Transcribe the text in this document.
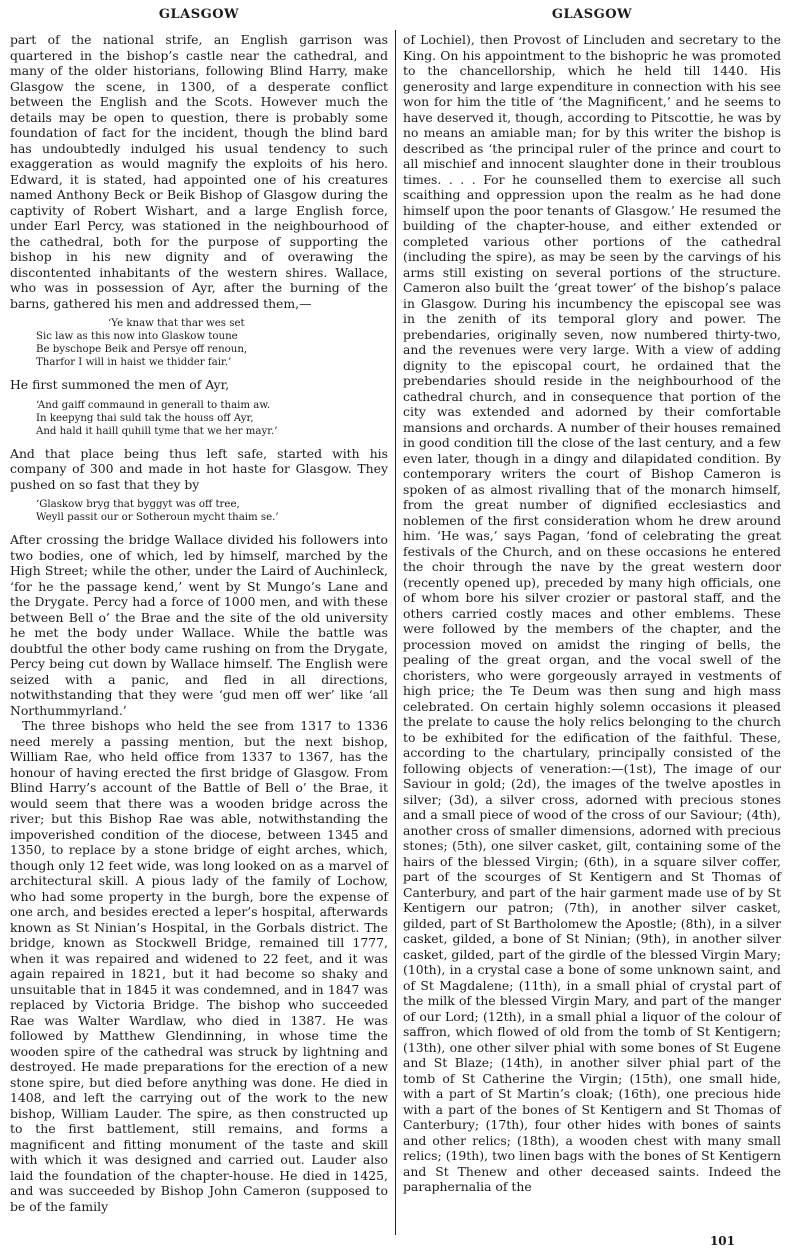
GLASGOW

part of the national strife, an English garrison was quartered in the bishop’s castle near the cathedral, and many of the older historians, following Blind Harry, make Glasgow the scene, in 1300, of a desperate conflict between the English and the Scots. However much the details may be open to question, there is probably some foundation of fact for the incident, though the blind bard has undoubtedly indulged his usual tendency to such exaggeration as would magnify the exploits of his hero. Edward, it is stated, had appointed one of his creatures named Anthony Beck or Beik Bishop of Glasgow during the captivity of Robert Wishart, and a large English force, under Earl Percy, was stationed in the neighbourhood of the cathedral, both for the purpose of supporting the bishop in his new dignity and of overawing the discontented inhabitants of the western shires. Wallace, who was in possession of Ayr, after the burning of the barns, gathered his men and addressed them,—

‘Ye knaw that thar wes set
Sic law as this now into Glaskow toune
Be byschope Beik and Persye off renoun,
Tharfor I will in haist we thidder fair.’

He first summoned the men of Ayr,

‘And gaiff commaund in generall to thaim aw.
In keepyng thai suld tak the houss off Ayr,
And hald it haill quhill tyme that we her mayr.’

And that place being thus left safe, started with his company of 300 and made in hot haste for Glasgow. They pushed on so fast that they by

‘Glaskow bryg that byggyt was off tree,
Weyll passit our or Sotheroun mycht thaim se.’

After crossing the bridge Wallace divided his followers into two bodies, one of which, led by himself, marched by the High Street; while the other, under the Laird of Auchinleck, ‘for he the passage kend,’ went by St Mungo’s Lane and the Drygate. Percy had a force of 1000 men, and with these between Bell o’ the Brae and the site of the old university he met the body under Wallace. While the battle was doubtful the other body came rushing on from the Drygate, Percy being cut down by Wallace himself. The English were seized with a panic, and fled in all directions, notwithstanding that they were ‘gud men off wer’ like ‘all Northummyrland.’

The three bishops who held the see from 1317 to 1336 need merely a passing mention, but the next bishop, William Rae, who held office from 1337 to 1367, has the honour of having erected the first bridge of Glasgow. From Blind Harry’s account of the Battle of Bell o’ the Brae, it would seem that there was a wooden bridge across the river; but this Bishop Rae was able, notwithstanding the impoverished condition of the diocese, between 1345 and 1350, to replace by a stone bridge of eight arches, which, though only 12 feet wide, was long looked on as a marvel of architectural skill. A pious lady of the family of Lochow, who had some property in the burgh, bore the expense of one arch, and besides erected a leper’s hospital, afterwards known as St Ninian’s Hospital, in the Gorbals district. The bridge, known as Stockwell Bridge, remained till 1777, when it was repaired and widened to 22 feet, and it was again repaired in 1821, but it had become so shaky and unsuitable that in 1845 it was condemned, and in 1847 was replaced by Victoria Bridge. The bishop who succeeded Rae was Walter Wardlaw, who died in 1387. He was followed by Matthew Glendinning, in whose time the wooden spire of the cathedral was struck by lightning and destroyed. He made preparations for the erection of a new stone spire, but died before anything was done. He died in 1408, and left the carrying out of the work to the new bishop, William Lauder. The spire, as then constructed up to the first battlement, still remains, and forms a magnificent and fitting monument of the taste and skill with which it was designed and carried out. Lauder also laid the foundation of the chapter-house. He died in 1425, and was succeeded by Bishop John Cameron (supposed to be of the family

GLASGOW

of Lochiel), then Provost of Lincluden and secretary to the King. On his appointment to the bishopric he was promoted to the chancellorship, which he held till 1440. His generosity and large expenditure in connection with his see won for him the title of ‘the Magnificent,’ and he seems to have deserved it, though, according to Pitscottie, he was by no means an amiable man; for by this writer the bishop is described as ‘the principal ruler of the prince and court to all mischief and innocent slaughter done in their troublous times. . . . For he counselled them to exercise all such scaithing and oppression upon the realm as he had done himself upon the poor tenants of Glasgow.’ He resumed the building of the chapter-house, and either extended or completed various other portions of the cathedral (including the spire), as may be seen by the carvings of his arms still existing on several portions of the structure. Cameron also built the ‘great tower’ of the bishop’s palace in Glasgow. During his incumbency the episcopal see was in the zenith of its temporal glory and power. The prebendaries, originally seven, now numbered thirty-two, and the revenues were very large. With a view of adding dignity to the episcopal court, he ordained that the prebendaries should reside in the neighbourhood of the cathedral church, and in consequence that portion of the city was extended and adorned by their comfortable mansions and orchards. A number of their houses remained in good condition till the close of the last century, and a few even later, though in a dingy and dilapidated condition. By contemporary writers the court of Bishop Cameron is spoken of as almost rivalling that of the monarch himself, from the great number of dignified ecclesiastics and noblemen of the first consideration whom he drew around him. ‘He was,’ says Pagan, ‘fond of celebrating the great festivals of the Church, and on these occasions he entered the choir through the nave by the great western door (recently opened up), preceded by many high officials, one of whom bore his silver crozier or pastoral staff, and the others carried costly maces and other emblems. These were followed by the members of the chapter, and the procession moved on amidst the ringing of bells, the pealing of the great organ, and the vocal swell of the choristers, who were gorgeously arrayed in vestments of high price; the Te Deum was then sung and high mass celebrated. On certain highly solemn occasions it pleased the prelate to cause the holy relics belonging to the church to be exhibited for the edification of the faithful. These, according to the chartulary, principally consisted of the following objects of veneration:—(1st), The image of our Saviour in gold; (2d), the images of the twelve apostles in silver; (3d), a silver cross, adorned with precious stones and a small piece of wood of the cross of our Saviour; (4th), another cross of smaller dimensions, adorned with precious stones; (5th), one silver casket, gilt, containing some of the hairs of the blessed Virgin; (6th), in a square silver coffer, part of the scourges of St Kentigern and St Thomas of Canterbury, and part of the hair garment made use of by St Kentigern our patron; (7th), in another silver casket, gilded, part of St Bartholomew the Apostle; (8th), in a silver casket, gilded, a bone of St Ninian; (9th), in another silver casket, gilded, part of the girdle of the blessed Virgin Mary; (10th), in a crystal case a bone of some unknown saint, and of St Magdalene; (11th), in a small phial of crystal part of the milk of the blessed Virgin Mary, and part of the manger of our Lord; (12th), in a small phial a liquor of the colour of saffron, which flowed of old from the tomb of St Kentigern; (13th), one other silver phial with some bones of St Eugene and St Blaze; (14th), in another silver phial part of the tomb of St Catherine the Virgin; (15th), one small hide, with a part of St Martin’s cloak; (16th), one precious hide with a part of the bones of St Kentigern and St Thomas of Canterbury; (17th), four other hides with bones of saints and other relics; (18th), a wooden chest with many small relics; (19th), two linen bags with the bones of St Kentigern and St Thenew and other deceased saints. Indeed the paraphernalia of the

101
